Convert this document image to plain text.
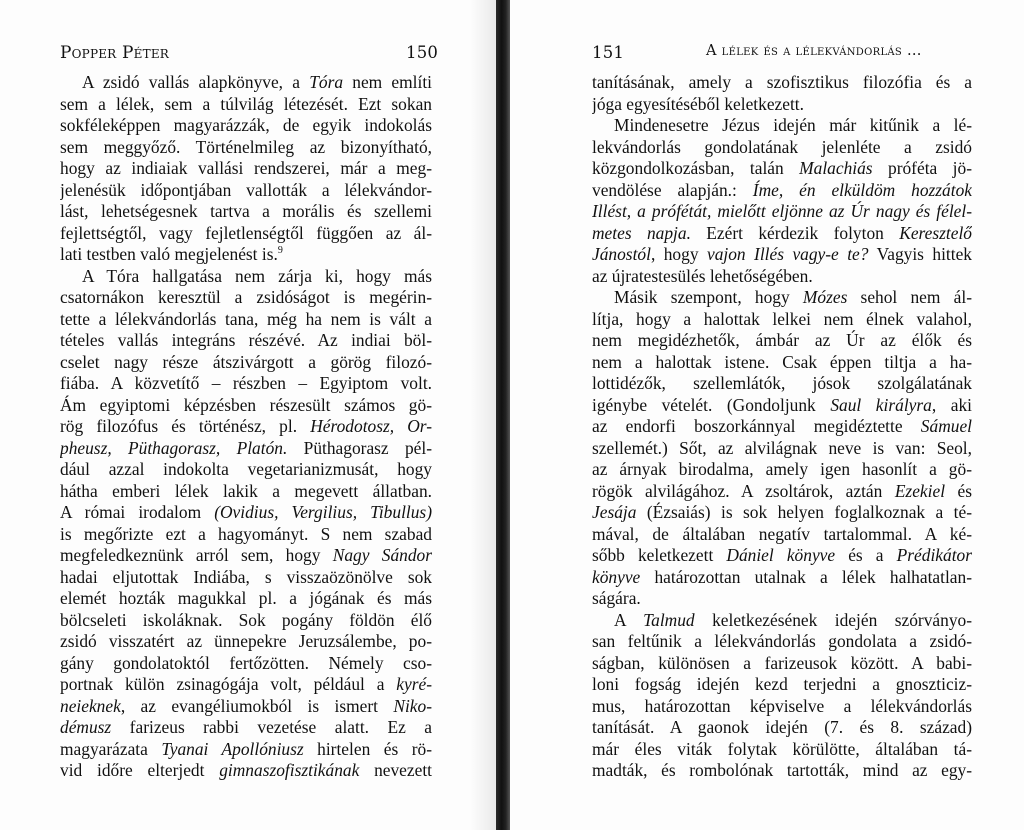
Popper Péter	150
A zsidó vallás alapkönyve, a Tóra nem említi
sem a lélek, sem a túlvilág létezését. Ezt sokan
sokféleképpen magyarázzák, de egyik indokolás
sem meggyőző. Történelmileg az bizonyítható,
hogy az indiaiak vallási rendszerei, már a meg-
jelenésük időpontjában vallották a lélekvándor-
lást, lehetségesnek tartva a morális és szellemi
fejlettségtől, vagy fejletlenségtől függően az ál-
lati testben való megjelenést is.$^9$
A Tóra hallgatása nem zárja ki, hogy más
csatornákon keresztül a zsidóságot is megérin-
tette a lélekvándorlás tana, még ha nem is vált a
tételes vallás integráns részévé. Az indiai böl-
cselet nagy része átszivárgott a görög filozó-
fiába. A közvetítő – részben – Egyiptom volt.
Ám egyiptomi képzésben részesült számos gö-
rög filozófus és történész, pl. Hérodotosz, Or-
pheusz, Püthagorasz, Platón. Püthagorasz pél-
dául azzal indokolta vegetarianizmusát, hogy
hátha emberi lélek lakik a megevett állatban.
A római irodalom (Ovidius, Vergilius, Tibullus)
is megőrizte ezt a hagyományt. S nem szabad
megfeledkeznünk arról sem, hogy Nagy Sándor
hadai eljutottak Indiába, s visszaözönölve sok
elemét hozták magukkal pl. a jógának és más
bölcseleti iskoláknak. Sok pogány földön élő
zsidó visszatért az ünnepekre Jeruzsálembe, po-
gány gondolatoktól fertőzötten. Némely cso-
portnak külön zsinagógája volt, például a kyré-
neieknek, az evangéliumokból is ismert Niko-
démusz farizeus rabbi vezetése alatt. Ez a
magyarázata Tyanai Apollóniusz hirtelen és rö-
vid időre elterjedt gimnaszofisztikának nevezett
151	A lélek és a lélekvándorlás ...
tanításának, amely a szofisztikus filozófia és a
jóga egyesítéséből keletkezett.
Mindenesetre Jézus idején már kitűnik a lé-
lekvándorlás gondolatának jelenléte a zsidó
közgondolkozásban, talán Malachiás próféta jö-
vendölése alapján.: Íme, én elküldöm hozzátok
Illést, a prófétát, mielőtt eljönne az Úr nagy és félel-
metes napja. Ezért kérdezik folyton Keresztelő
Jánostól, hogy vajon Illés vagy-e te? Vagyis hittek
az újratestesülés lehetőségében.
Másik szempont, hogy Mózes sehol nem ál-
lítja, hogy a halottak lelkei nem élnek valahol,
nem megidézhetők, ámbár az Úr az élők és
nem a halottak istene. Csak éppen tiltja a ha-
lottidézők, szellemlátók, jósok szolgálatának
igénybe vételét. (Gondoljunk Saul királyra, aki
az endorfi boszorkánnyal megidéztette Sámuel
szellemét.) Sőt, az alvilágnak neve is van: Seol,
az árnyak birodalma, amely igen hasonlít a gö-
rögök alvilágához. A zsoltárok, aztán Ezekiel és
Jesája (Ézsaiás) is sok helyen foglalkoznak a té-
mával, de általában negatív tartalommal. A ké-
sőbb keletkezett Dániel könyve és a Prédikátor
könyve határozottan utalnak a lélek halhatatlan-
ságára.
A Talmud keletkezésének idején szórványo-
san feltűnik a lélekvándorlás gondolata a zsidó-
ságban, különösen a farizeusok között. A babi-
loni fogság idején kezd terjedni a gnoszticiz-
mus, határozottan képviselve a lélekvándorlás
tanítását. A gaonok idején (7. és 8. század)
már éles viták folytak körülötte, általában tá-
madták, és rombolónak tartották, mind az egy-
